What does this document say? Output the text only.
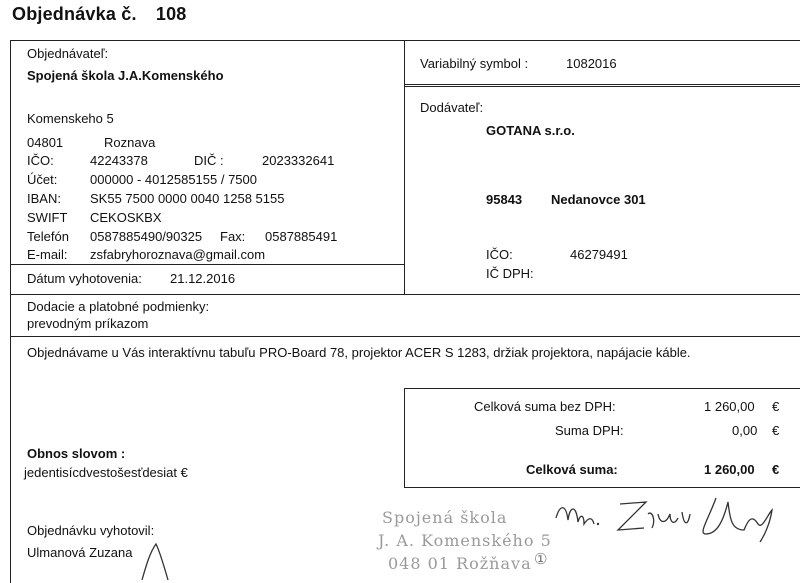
Objednávka č. 108
Objednávateľ:
Spojená škola J.A.Komenského
Komenskeho 5
04801	Roznava
IČO:	42243378	DIČ :	2023332641
Účet:	000000 - 4012585155 / 7500
IBAN: SK55 7500 0000 0040 1258 5155
SWIFT CEKOSKBX
Telefón 0587885490/90325 Fax: 0587885491
E-mail: zsfabryhoroznava@gmail.com
Dátum vyhotovenia: 21.12.2016
Variabilný symbol :	1082016
Dodávateľ:
GOTANA s.r.o.
95843 Nedanovce 301
IČO:	46279491
IČ DPH:
Dodacie a platobné podmienky:
prevodným príkazom
Objednávame u Vás interaktívnu tabuľu PRO-Board 78, projektor ACER S 1283, držiak projektora, napájacie káble.
Celková suma bez DPH:	1 260,00 €
Suma DPH:	0,00 €
Celková suma:	1 260,00 €
Obnos slovom :
jedentisícdvestošesťdesiat €
Objednávku vyhotovil:
Ulmanová Zuzana
Spojená škola
J. A. Komenského 5
048 01 Rožňava ①
